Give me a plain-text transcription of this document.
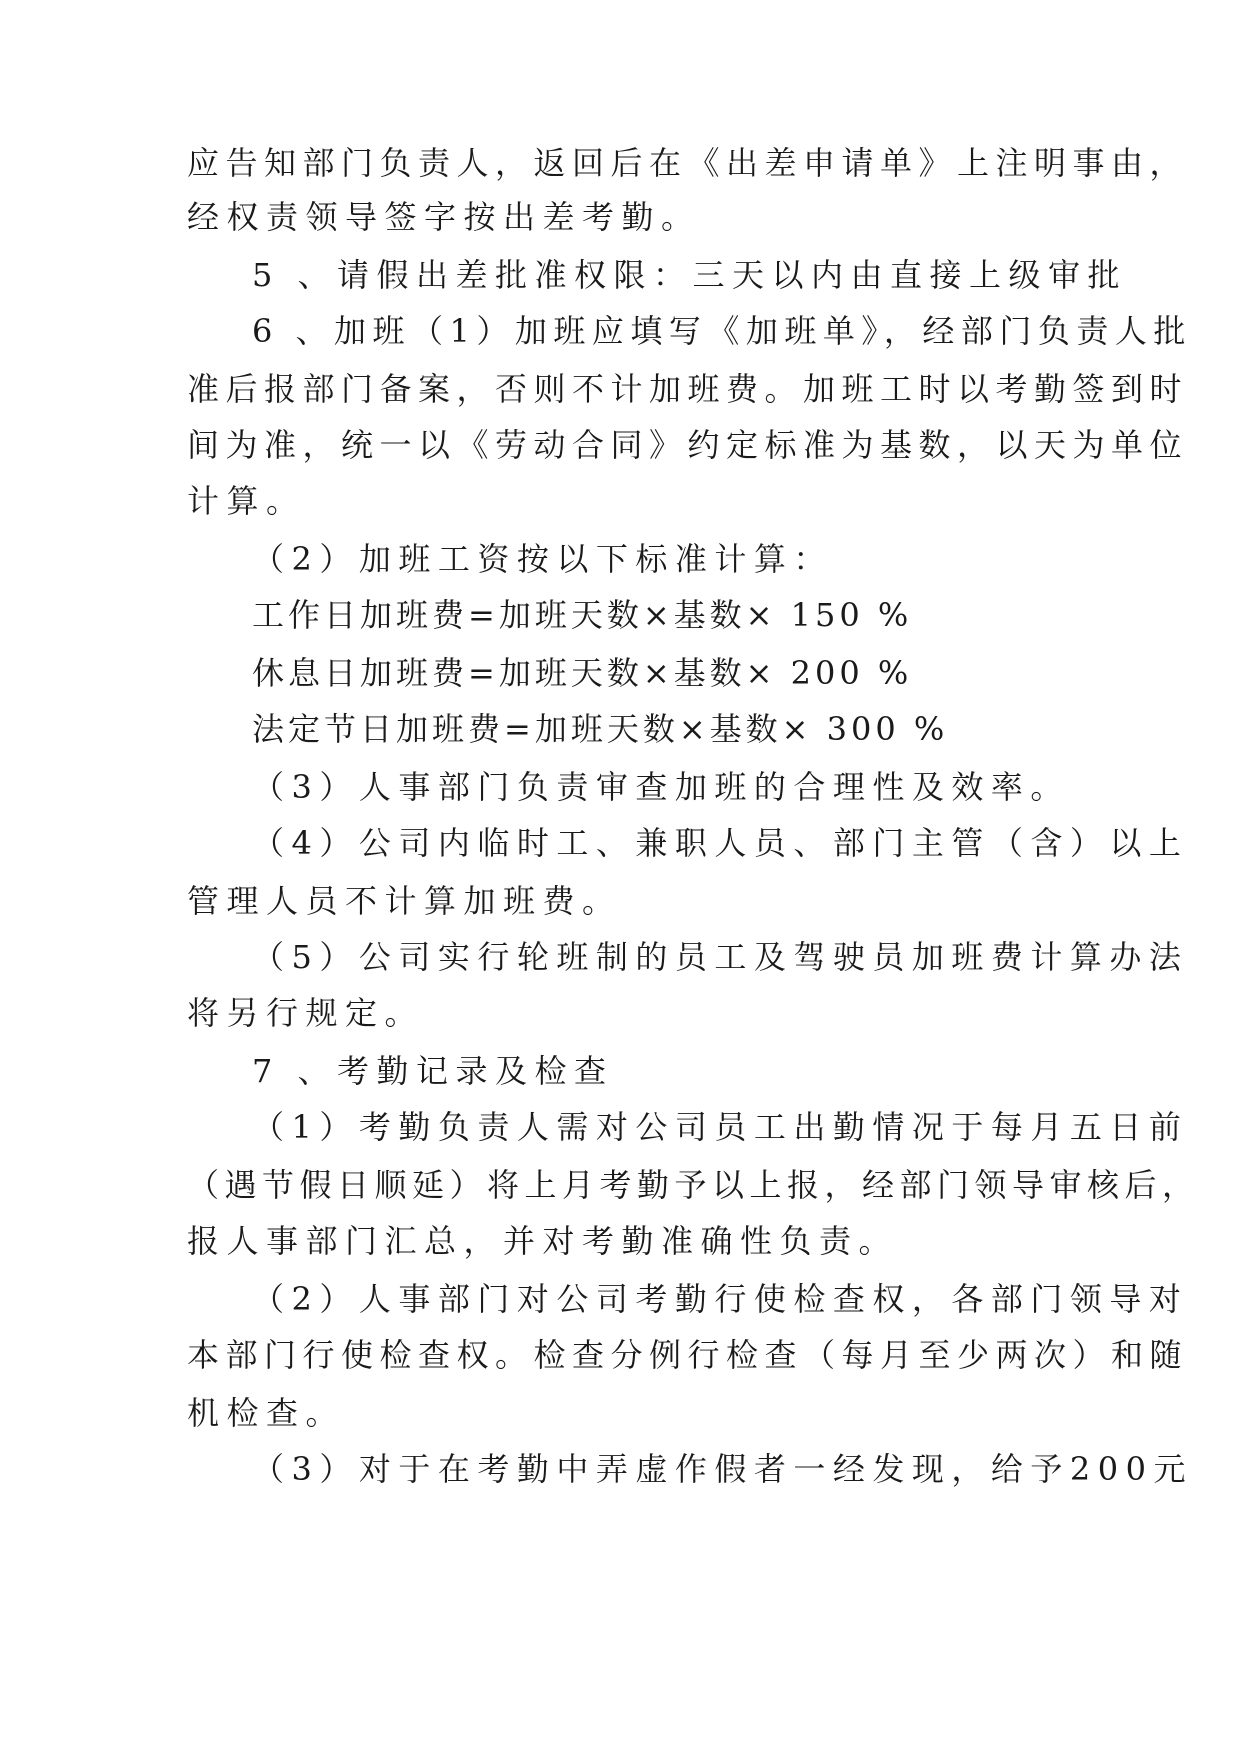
应告知部门负责人，返回后在《出差申请单》上注明事由，
经权责领导签字按出差考勤。
5 、请假出差批准权限：三天以内由直接上级审批
6 、加班（1）加班应填写《加班单》，经部门负责人批
准后报部门备案，否则不计加班费。加班工时以考勤签到时
间为准，统一以《劳动合同》约定标准为基数，以天为单位
计算。
（2）加班工资按以下标准计算：
工作日加班费=加班天数×基数× 150 %
休息日加班费=加班天数×基数× 200 %
法定节日加班费=加班天数×基数× 300 %
（3）人事部门负责审查加班的合理性及效率。
（4）公司内临时工、兼职人员、部门主管（含）以上
管理人员不计算加班费。
（5）公司实行轮班制的员工及驾驶员加班费计算办法
将另行规定。
7 、考勤记录及检查
（1）考勤负责人需对公司员工出勤情况于每月五日前
（遇节假日顺延）将上月考勤予以上报，经部门领导审核后，
报人事部门汇总，并对考勤准确性负责。
（2）人事部门对公司考勤行使检查权，各部门领导对
本部门行使检查权。检查分例行检查（每月至少两次）和随
机检查。
（3）对于在考勤中弄虚作假者一经发现，给予200元
